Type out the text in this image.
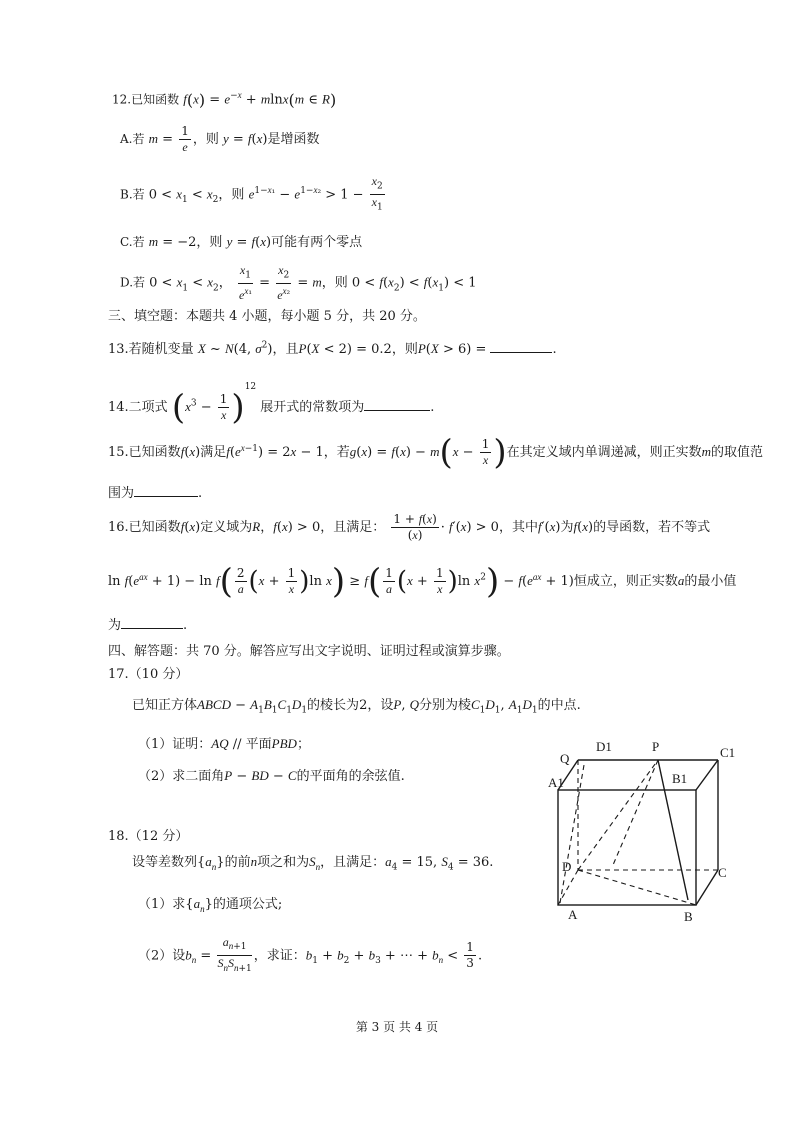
12.已知函数 $f(x) = e^{-x} + mlnx(m$ ∈ R)
A.若 $m = \frac{1}{e}$ ，则 y = f(x)是增函数
B.若 $0 < x_1 < x_2$，则 $e^{1-x_1} - e^{1-x_2} > 1 - \frac{x_2}{x_1}$
C.若 m = −2，则 y = f(x)可能有两个零点
D.若 $0 < x_1 < x_2$， $\frac{x_1}{e^{x_1}} = \frac{x_2}{e^{x_2}} = m$，则 $0 < f(x_2) < f(x_1) < 1$
三、填空题：本题共 4 小题，每小题 5 分，共 20 分。
13.若随机变量 X ~ N(4, $\sigma^2$)，且P(X < 2) = 0.2，则P(X > 6) =	.
14.二项式 $(x^3 - \frac{1}{x} )^{12}$ 展开式的常数项为	.
15.已知函数f(x)满足$f(e^{x-1}) = 2x - 1$，若$g(x) = f(x) - m(x - \frac{1}{x}$ )在其定义域内单调递减，则正实数m的取值范
围为	.
16.已知函数f(x)定义域为R，f(x) > 0，且满足： $\frac{1 + f(x)}{(x)} \cdot f'(x) > 0$，其中f′(x)为f(x)的导函数，若不等式
$\ln f(e^{ax} + 1) - \ln f( \frac{2}{a} (x + \frac{1}{x} )\ln$ $x) \ge f( \frac{1}{a} (x + \frac{1}{x} )\ln$ $x^2) - f(e^{ax} + 1)$恒成立，则正实数a的最小值
为	.
四、解答题：共 70 分。解答应写出文字说明、证明过程或演算步骤。
17.（10 分）
已知正方体ABCD − $A_1B_1C_1D_1$的棱长为2，设P, Q分别为棱$C_1D_1$, $A_1D_1$的中点.
（1）证明：AQ // 平面PBD；
（2）求二面角P − BD − C的平面角的余弦值.
18.（12 分）
设等差数列$\{a_n\}$的前n项之和为$S_n$，且满足：$a_4 = 15$, $S_4 = 36$.
（1）求$\{a_n\}$的通项公式;
（2）设$b_n = \frac{a_{n+1}}{S_nS_{n+1}}$ ，求证：$b_1 + b_2 + b_3$ + ⋯ + $b_n < \frac{1}{3}$ .
D1	P	C1
Q
A1	B1
D	C
A	B
第 3 页 共 4 页
